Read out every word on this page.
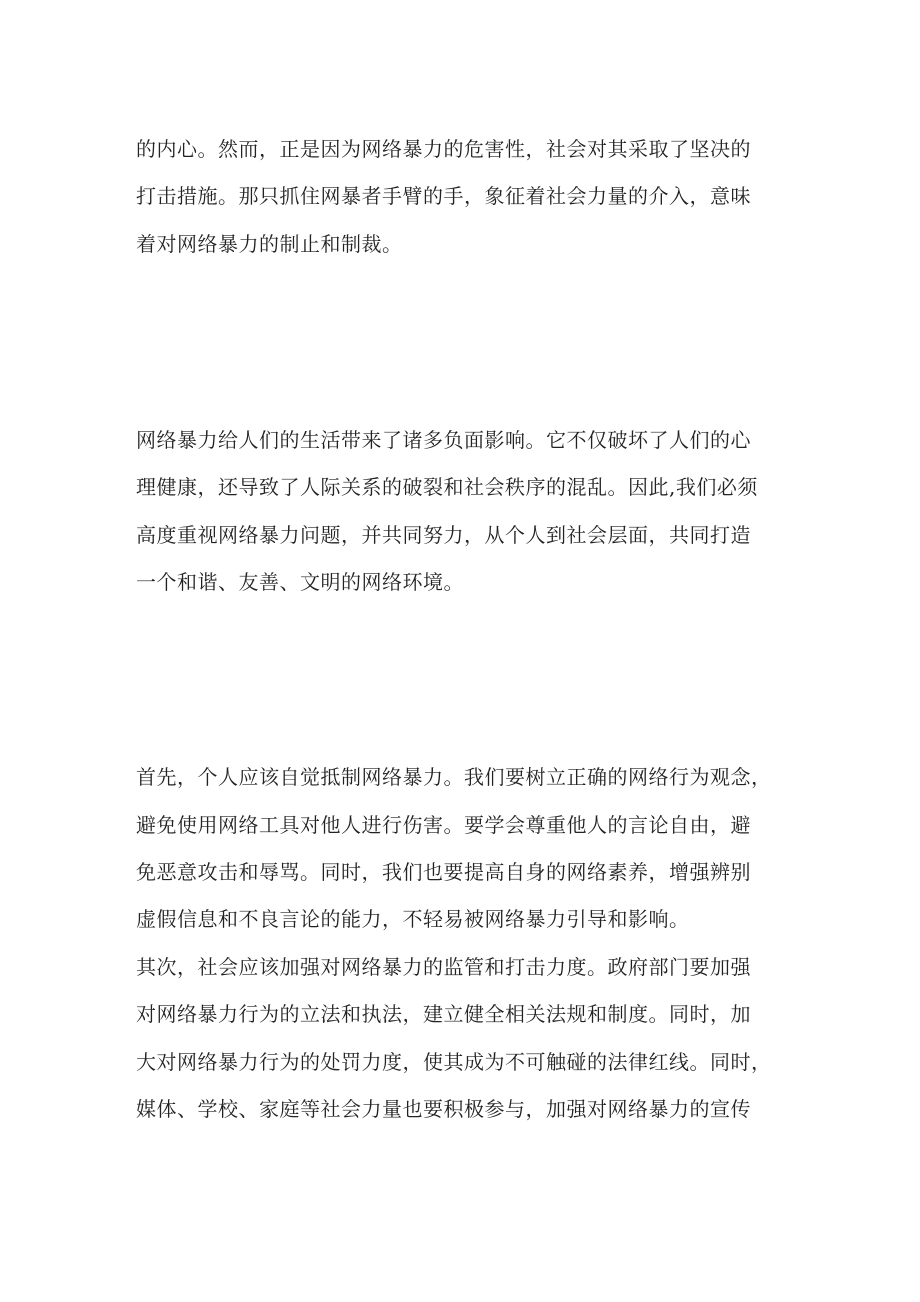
的内心。然而，正是因为网络暴力的危害性，社会对其采取了坚决的
打击措施。那只抓住网暴者手臂的手，象征着社会力量的介入，意味
着对网络暴力的制止和制裁。
网络暴力给人们的生活带来了诸多负面影响。它不仅破坏了人们的心
理健康，还导致了人际关系的破裂和社会秩序的混乱。因此,我们必须
高度重视网络暴力问题，并共同努力，从个人到社会层面，共同打造
一个和谐、友善、文明的网络环境。
首先，个人应该自觉抵制网络暴力。我们要树立正确的网络行为观念，
避免使用网络工具对他人进行伤害。要学会尊重他人的言论自由，避
免恶意攻击和辱骂。同时，我们也要提高自身的网络素养，增强辨别
虚假信息和不良言论的能力，不轻易被网络暴力引导和影响。
其次，社会应该加强对网络暴力的监管和打击力度。政府部门要加强
对网络暴力行为的立法和执法，建立健全相关法规和制度。同时，加
大对网络暴力行为的处罚力度，使其成为不可触碰的法律红线。同时，
媒体、学校、家庭等社会力量也要积极参与，加强对网络暴力的宣传
